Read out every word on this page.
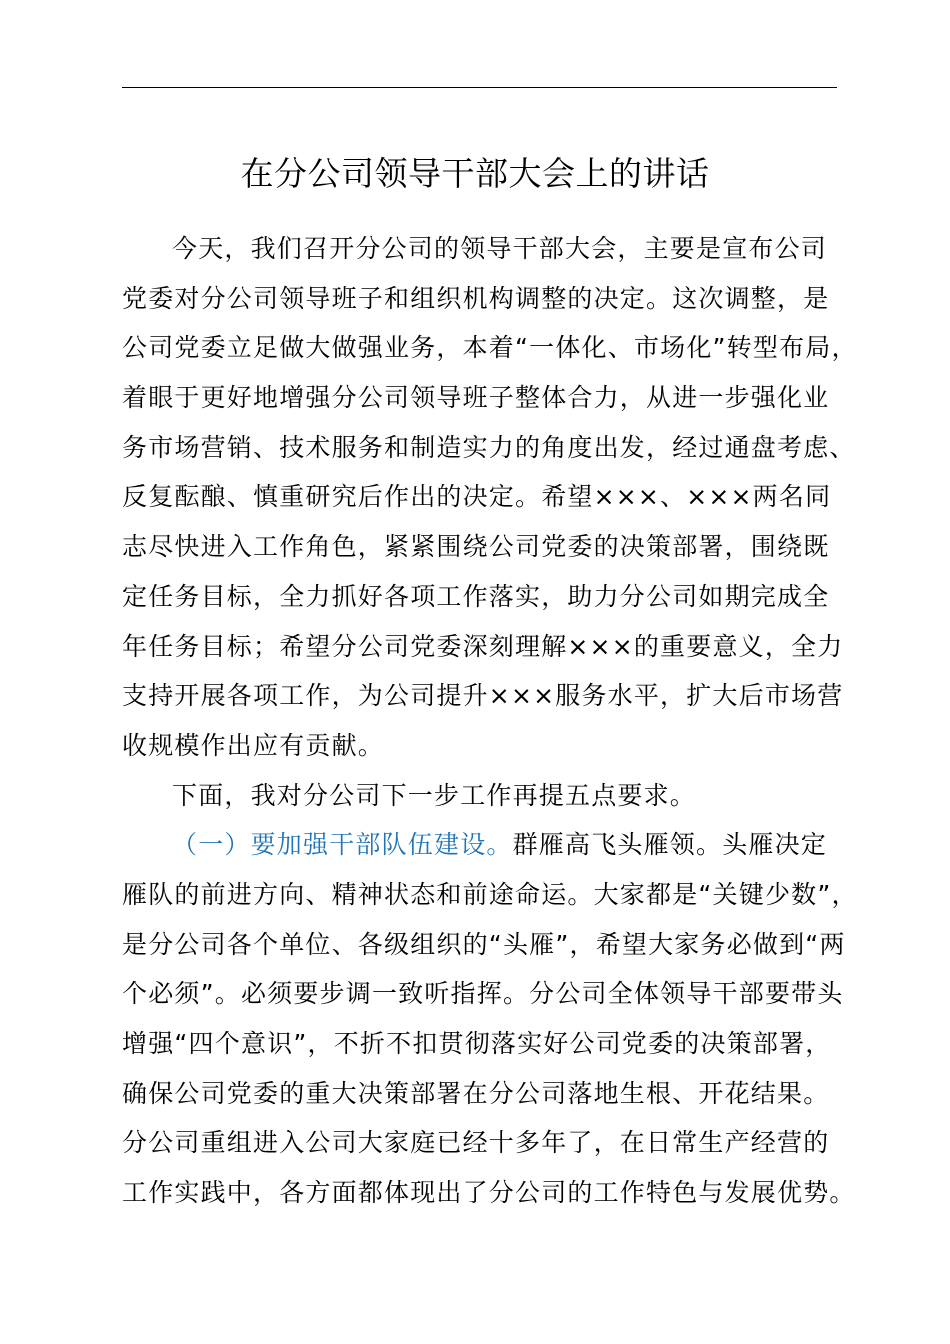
在分公司领导干部大会上的讲话
今天，我们召开分公司的领导干部大会，主要是宣布公司
党委对分公司领导班子和组织机构调整的决定。这次调整，是
公司党委立足做大做强业务，本着“一体化、市场化”转型布局，
着眼于更好地增强分公司领导班子整体合力，从进一步强化业
务市场营销、技术服务和制造实力的角度出发，经过通盘考虑、
反复酝酿、慎重研究后作出的决定。希望×××、×××两名同
志尽快进入工作角色，紧紧围绕公司党委的决策部署，围绕既
定任务目标，全力抓好各项工作落实，助力分公司如期完成全
年任务目标；希望分公司党委深刻理解×××的重要意义，全力
支持开展各项工作，为公司提升×××服务水平，扩大后市场营
收规模作出应有贡献。
下面，我对分公司下一步工作再提五点要求。
（一）要加强干部队伍建设。群雁高飞头雁领。头雁决定
雁队的前进方向、精神状态和前途命运。大家都是“关键少数”，
是分公司各个单位、各级组织的“头雁”，希望大家务必做到“两
个必须”。必须要步调一致听指挥。分公司全体领导干部要带头
增强“四个意识”，不折不扣贯彻落实好公司党委的决策部署，
确保公司党委的重大决策部署在分公司落地生根、开花结果。
分公司重组进入公司大家庭已经十多年了，在日常生产经营的
工作实践中，各方面都体现出了分公司的工作特色与发展优势。
